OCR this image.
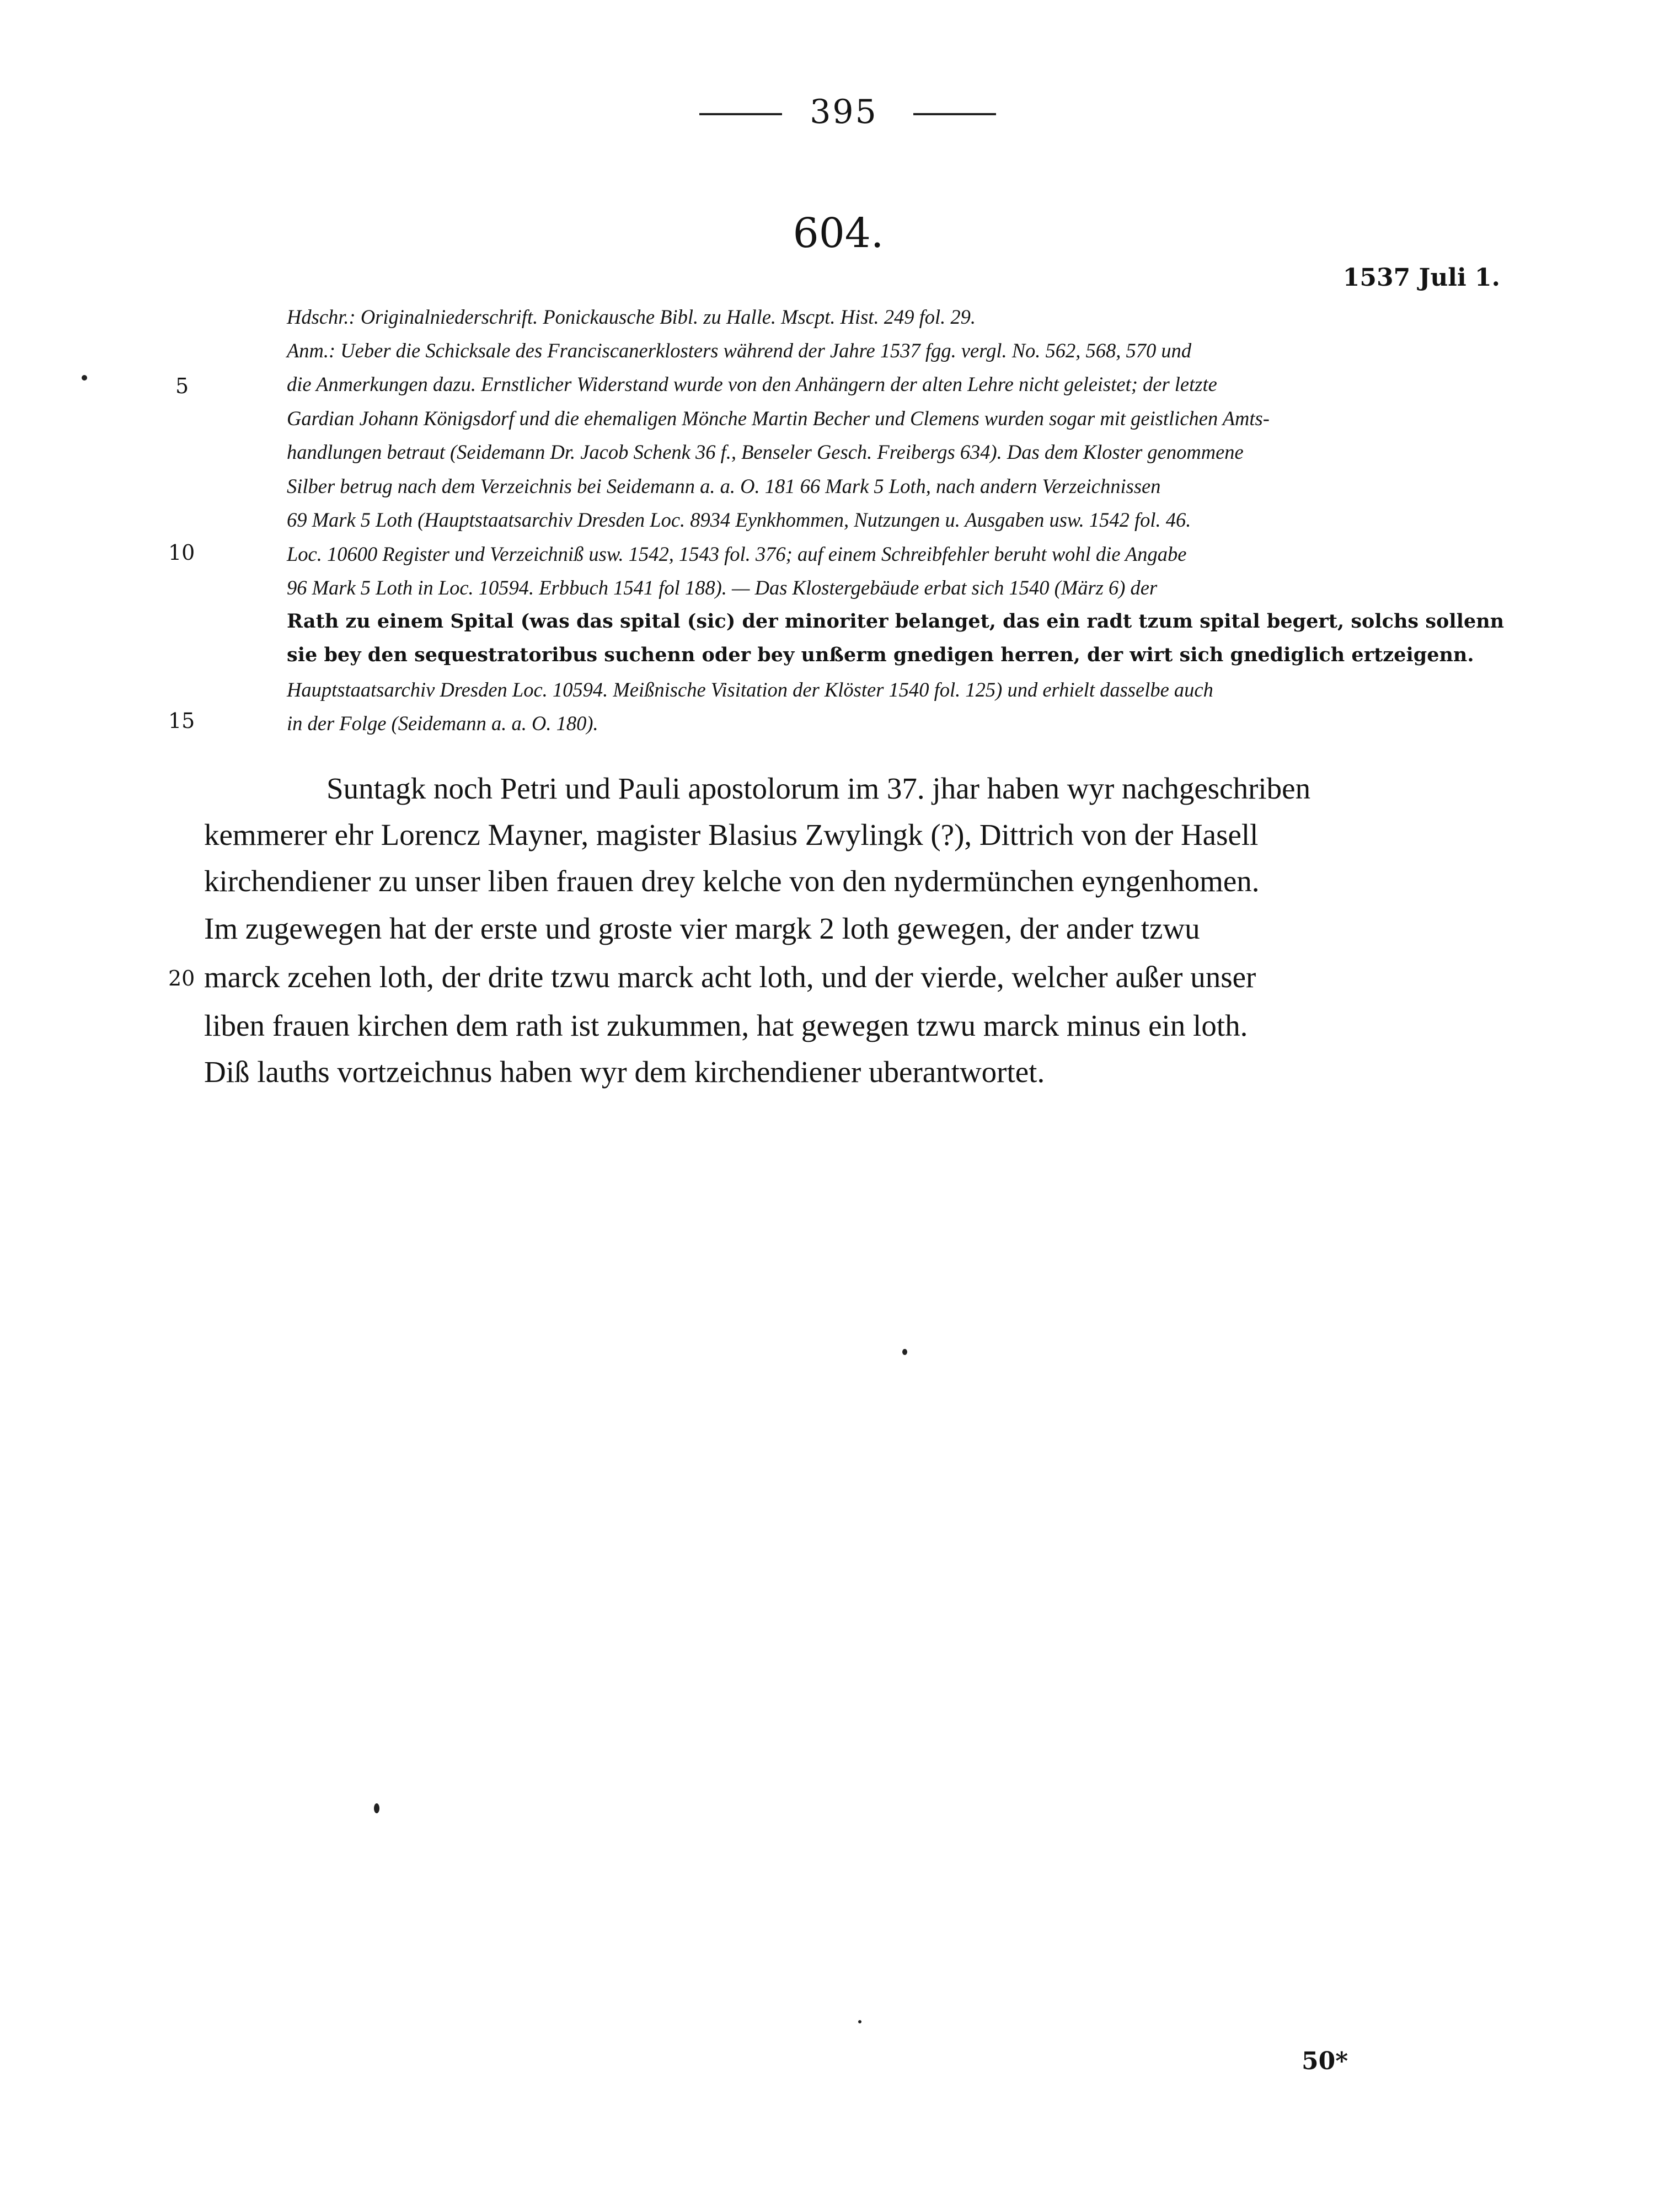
395
604.
1537 Juli 1.
Hdschr.: Originalniederschrift. Ponickausche Bibl. zu Halle. Mscpt. Hist. 249 fol. 29.
Anm.: Ueber die Schicksale des Franciscanerklosters während der Jahre 1537 fgg. vergl. No. 562, 568, 570 und
die Anmerkungen dazu. Ernstlicher Widerstand wurde von den Anhängern der alten Lehre nicht geleistet; der letzte
Gardian Johann Königsdorf und die ehemaligen Mönche Martin Becher und Clemens wurden sogar mit geistlichen Amts-
handlungen betraut (Seidemann Dr. Jacob Schenk 36 f., Benseler Gesch. Freibergs 634). Das dem Kloster genommene
Silber betrug nach dem Verzeichnis bei Seidemann a. a. O. 181 66 Mark 5 Loth, nach andern Verzeichnissen
69 Mark 5 Loth (Hauptstaatsarchiv Dresden Loc. 8934 Eynkhommen, Nutzungen u. Ausgaben usw. 1542 fol. 46.
Loc. 10600 Register und Verzeichniß usw. 1542, 1543 fol. 376; auf einem Schreibfehler beruht wohl die Angabe
96 Mark 5 Loth in Loc. 10594. Erbbuch 1541 fol 188). — Das Klostergebäude erbat sich 1540 (März 6) der
Rath zu einem Spital (was das spital (sic) der minoriter belanget, das ein radt tzum spital begert, solchs sollenn
sie bey den sequestratoribus suchenn oder bey unßerm gnedigen herren, der wirt sich gnediglich ertzeigenn.
Hauptstaatsarchiv Dresden Loc. 10594. Meißnische Visitation der Klöster 1540 fol. 125) und erhielt dasselbe auch
in der Folge (Seidemann a. a. O. 180).
5
10
15
20
Suntagk noch Petri und Pauli apostolorum im 37. jhar haben wyr nachgeschriben
kemmerer ehr Lorencz Mayner, magister Blasius Zwylingk (?), Dittrich von der Hasell
kirchendiener zu unser liben frauen drey kelche von den nydermünchen eyngenhomen.
Im zugewegen hat der erste und groste vier margk 2 loth gewegen, der ander tzwu
marck zcehen loth, der drite tzwu marck acht loth, und der vierde, welcher außer unser
liben frauen kirchen dem rath ist zukummen, hat gewegen tzwu marck minus ein loth.
Diß lauths vortzeichnus haben wyr dem kirchendiener uberantwortet.
50*
